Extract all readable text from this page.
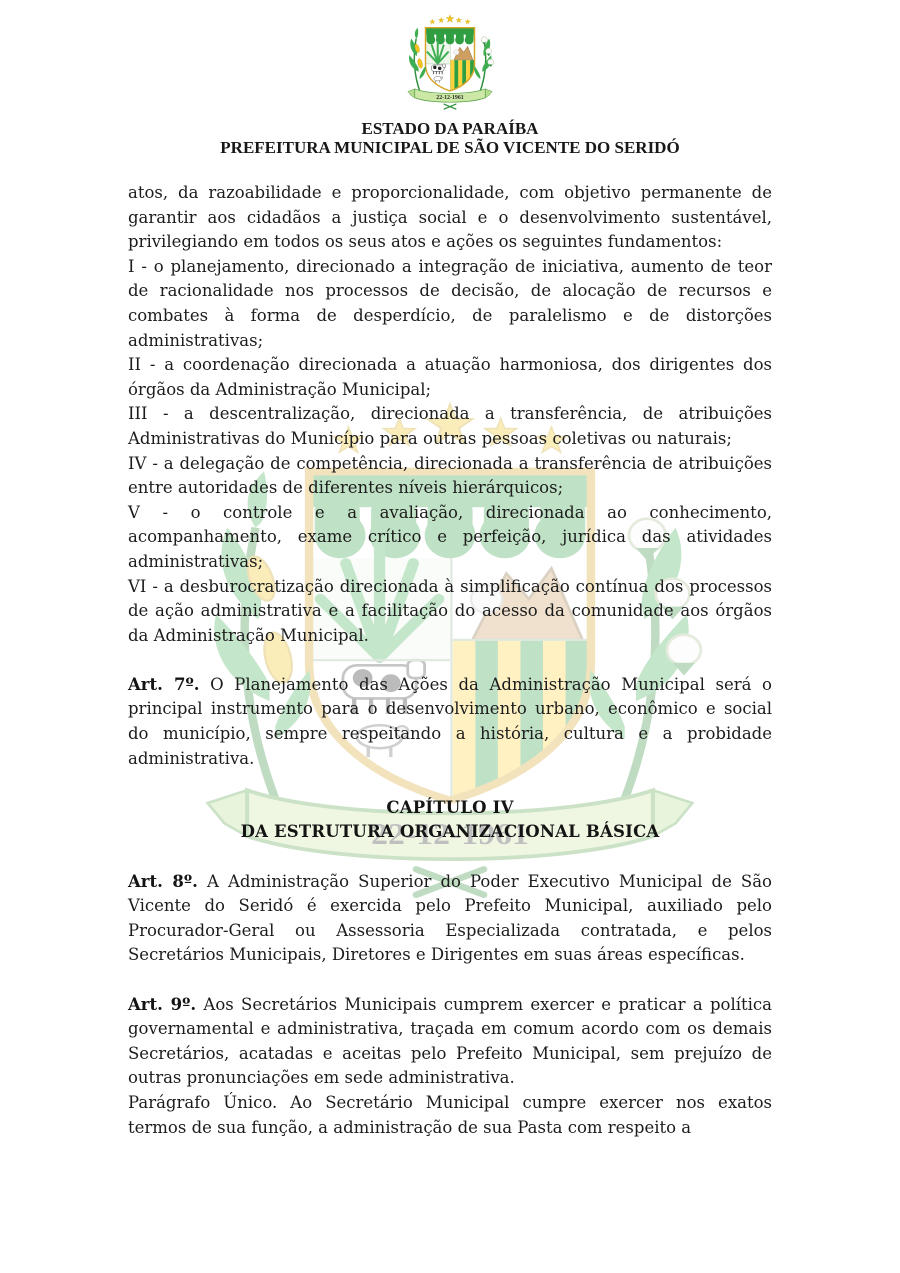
ESTADO DA PARAÍBA
PREFEITURA MUNICIPAL DE SÃO VICENTE DO SERIDÓ

atos, da razoabilidade e proporcionalidade, com objetivo permanente de garantir aos cidadãos a justiça social e o desenvolvimento sustentável, privilegiando em todos os seus atos e ações os seguintes fundamentos:

I - o planejamento, direcionado a integração de iniciativa, aumento de teor de racionalidade nos processos de decisão, de alocação de recursos e combates à forma de desperdício, de paralelismo e de distorções administrativas;

II - a coordenação direcionada a atuação harmoniosa, dos dirigentes dos órgãos da Administração Municipal;

III - a descentralização, direcionada a transferência, de atribuições Administrativas do Município para outras pessoas coletivas ou naturais;

IV - a delegação de competência, direcionada a transferência de atribuições entre autoridades de diferentes níveis hierárquicos;

V - o controle e a avaliação, direcionada ao conhecimento, acompanhamento, exame crítico e perfeição, jurídica das atividades administrativas;

VI - a desburocratização direcionada à simplificação contínua dos processos de ação administrativa e a facilitação do acesso da comunidade aos órgãos da Administração Municipal.

Art. 7º. O Planejamento das Ações da Administração Municipal será o principal instrumento para o desenvolvimento urbano, econômico e social do município, sempre respeitando a história, cultura e a probidade administrativa.

CAPÍTULO IV

DA ESTRUTURA ORGANIZACIONAL BÁSICA

Art. 8º. A Administração Superior do Poder Executivo Municipal de São Vicente do Seridó é exercida pelo Prefeito Municipal, auxiliado pelo Procurador-Geral ou Assessoria Especializada contratada, e pelos Secretários Municipais, Diretores e Dirigentes em suas áreas específicas.

Art. 9º. Aos Secretários Municipais cumprem exercer e praticar a política governamental e administrativa, traçada em comum acordo com os demais Secretários, acatadas e aceitas pelo Prefeito Municipal, sem prejuízo de outras pronunciações em sede administrativa.

Parágrafo Único. Ao Secretário Municipal cumpre exercer nos exatos termos de sua função, a administração de sua Pasta com respeito a
